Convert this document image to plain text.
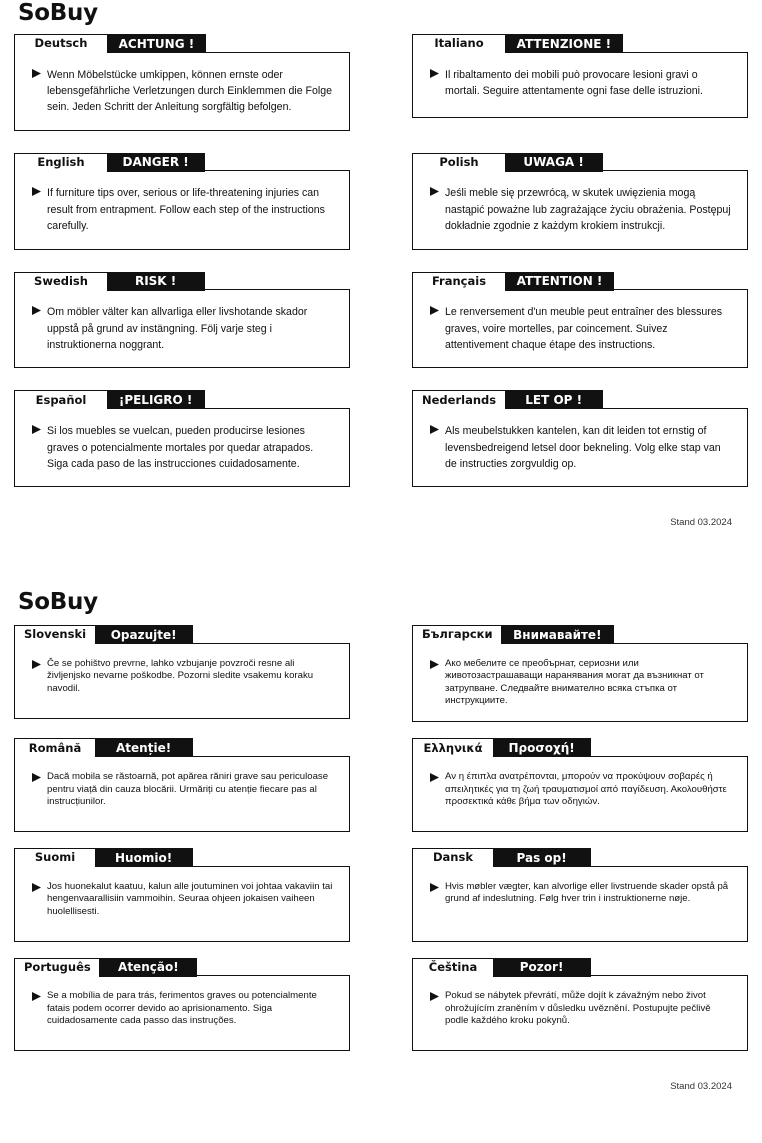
SoBuy
Deutsch	ACHTUNG !
Wenn Möbelstücke umkippen, können ernste oder lebensgefährliche Verletzungen durch Einklemmen die Folge sein. Jeden Schritt der Anleitung sorgfältig befolgen.
Italiano	ATTENZIONE !
Il ribaltamento dei mobili può provocare lesioni gravi o mortali. Seguire attentamente ogni fase delle istruzioni.
English	DANGER !
If furniture tips over, serious or life-threatening injuries can result from entrapment. Follow each step of the instructions carefully.
Polish	UWAGA !
Jeśli meble się przewrócą, w skutek uwięzienia mogą nastąpić poważne lub zagrażające życiu obrażenia. Postępuj dokładnie zgodnie z każdym krokiem instrukcji.
Swedish	RISK !
Om möbler välter kan allvarliga eller livshotande skador uppstå på grund av instängning. Följ varje steg i instruktionerna noggrant.
Français	ATTENTION !
Le renversement d'un meuble peut entraîner des blessures graves, voire mortelles, par coincement. Suivez attentivement chaque étape des instructions.
Español	¡PELIGRO !
Si los muebles se vuelcan, pueden producirse lesiones graves o potencialmente mortales por quedar atrapados. Siga cada paso de las instrucciones cuidadosamente.
Nederlands	LET OP !
Als meubelstukken kantelen, kan dit leiden tot ernstig of levensbedreigend letsel door bekneling. Volg elke stap van de instructies zorgvuldig op.
Stand 03.2024
SoBuy
Slovenski	Opazujte!
Če se pohištvo prevrne, lahko vzbujanje povzroči resne ali življenjsko nevarne poškodbe. Pozorni sledite vsakemu koraku navodil.
Български	Внимавайте!
Ако мебелите се преобърнат, сериозни или животозастрашаващи наранявания могат да възникнат от затрупване. Следвайте внимателно всяка стъпка от инструкциите.
Română	Atenție!
Dacă mobila se răstoarnă, pot apărea răniri grave sau periculoase pentru viață din cauza blocării. Urmăriți cu atenție fiecare pas al instrucțiunilor.
Ελληνικά	Προσοχή!
Αν η έπιπλα ανατρέπονται, μπορούν να προκύψουν σοβαρές ή απειλητικές για τη ζωή τραυματισμοί από παγίδευση. Ακολουθήστε προσεκτικά κάθε βήμα των οδηγιών.
Suomi	Huomio!
Jos huonekalut kaatuu, kalun alle joutuminen voi johtaa vakaviin tai hengenvaarallisiin vammoihin. Seuraa ohjeen jokaisen vaiheen huolellisesti.
Dansk	Pas op!
Hvis møbler vægter, kan alvorlige eller livstruende skader opstå på grund af indeslutning. Følg hver trin i instruktionerne nøje.
Português	Atenção!
Se a mobília de para trás, ferimentos graves ou potencialmente fatais podem ocorrer devido ao aprisionamento. Siga cuidadosamente cada passo das instruções.
Čeština	Pozor!
Pokud se nábytek převrátí, může dojít k závažným nebo život ohrožujícím zraněním v důsledku uvěznění. Postupujte pečlivě podle každého kroku pokynů.
Stand 03.2024
